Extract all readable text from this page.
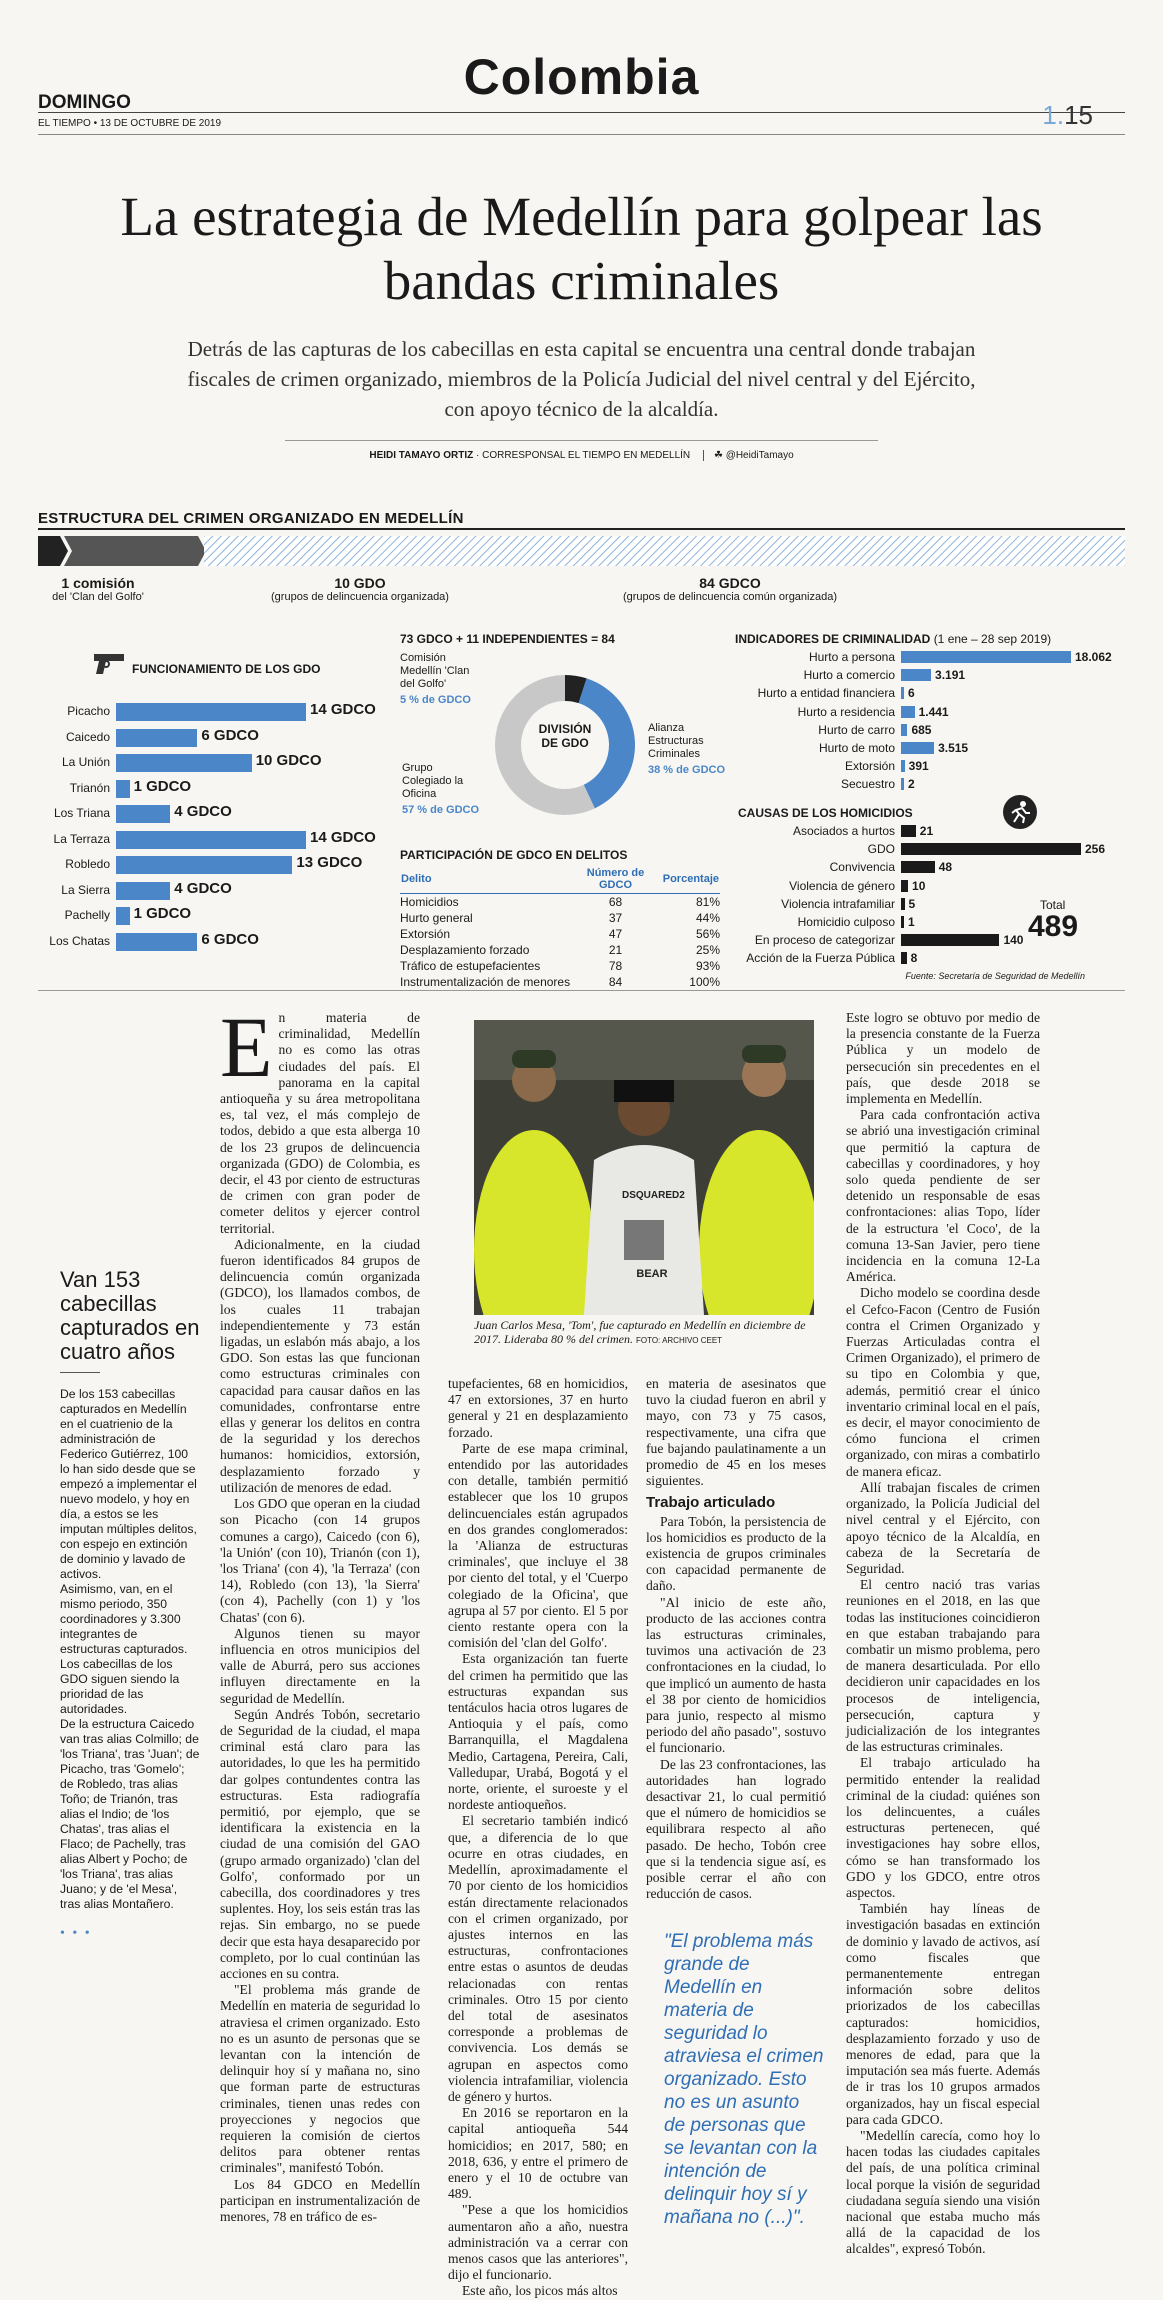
Colombia
DOMINGO
EL TIEMPO • 13 DE OCTUBRE DE 2019	1.15
La estrategia de Medellín para golpear las bandas criminales
Detrás de las capturas de los cabecillas en esta capital se encuentra una central donde trabajan fiscales de crimen organizado, miembros de la Policía Judicial del nivel central y del Ejército, con apoyo técnico de la alcaldía.
HEIDI TAMAYO ORTIZ · CORRESPONSAL EL TIEMPO EN MEDELLÍN ☘ @HeidiTamayo
ESTRUCTURA DEL CRIMEN ORGANIZADO EN MEDELLÍN
1 comisión
del 'Clan del Golfo'
10 GDO
(grupos de delincuencia organizada)
84 GDCO
(grupos de delincuencia común organizada)
FUNCIONAMIENTO DE LOS GDO
Picacho	14 GDCO
Caicedo	6 GDCO
La Unión	10 GDCO
Trianón 1 GDCO
Los Triana	4 GDCO
La Terraza	14 GDCO
Robledo	13 GDCO
La Sierra	4 GDCO
Pachelly 1 GDCO
Los Chatas	6 GDCO
73 GDCO + 11 INDEPENDIENTES = 84
DIVISIÓN DE GDO
Comisión Medellín 'Clan del Golfo'
5 % de GDCO
Alianza Estructuras Criminales
38 % de GDCO
Grupo Colegiado la Oficina
57 % de GDCO
PARTICIPACIÓN DE GDCO EN DELITOS
Delito	Número de GDCO	Porcentaje
Homicidios	68	81%
Hurto general	37	44%
Extorsión	47	56%
Desplazamiento forzado	21	25%
Tráfico de estupefacientes	78	93%
Instrumentalización de menores	84	100%
INDICADORES DE CRIMINALIDAD (1 ene – 28 sep 2019)
Hurto a persona	18.062
Hurto a comercio	3.191
Hurto a entidad financiera 6
Hurto a residencia 1.441
Hurto de carro 685
Hurto de moto	3.515
Extorsión 391
Secuestro 2
CAUSAS DE LOS HOMICIDIOS
Asociados a hurtos 21
GDO	256
Convivencia	48
Violencia de género 10
Violencia intrafamiliar 5
Homicidio culposo 1
En proceso de categorizar	140
Acción de la Fuerza Pública 8
Total
489
Fuente: Secretaría de Seguridad de Medellín
Van 153 cabecillas capturados en cuatro años

De los 153 cabecillas capturados en Medellín en el cuatrienio de la administración de Federico Gutiérrez, 100 lo han sido desde que se empezó a implementar el nuevo modelo, y hoy en día, a estos se les imputan múltiples delitos, con espejo en extinción de dominio y lavado de activos.

Asimismo, van, en el mismo periodo, 350 coordinadores y 3.300 integrantes de estructuras capturados.

Los cabecillas de los GDO siguen siendo la prioridad de las autoridades.

De la estructura Caicedo van tras alias Colmillo; de 'los Triana', tras 'Juan'; de Picacho, tras 'Gomelo'; de Robledo, tras alias Toño; de Trianón, tras alias el Indio; de 'los Chatas', tras alias el Flaco; de Pachelly, tras alias Albert y Pocho; de 'los Triana', tras alias Juano; y de 'el Mesa', tras alias Montañero.

• • •
E n materia de criminalidad, Medellín no es como las otras ciudades del país. El panorama en la capital antioqueña y su área metropolitana es, tal vez, el más complejo de todos, debido a que esta alberga 10 de los 23 grupos de delincuencia organizada (GDO) de Colombia, es decir, el 43 por ciento de estructuras de crimen con gran poder de cometer delitos y ejercer control territorial.

Adicionalmente, en la ciudad fueron identificados 84 grupos de delincuencia común organizada (GDCO), los llamados combos, de los cuales 11 trabajan independientemente y 73 están ligadas, un eslabón más abajo, a los GDO. Son estas las que funcionan como estructuras criminales con capacidad para causar daños en las comunidades, confrontarse entre ellas y generar los delitos en contra de la seguridad y los derechos humanos: homicidios, extorsión, desplazamiento forzado y utilización de menores de edad.

Los GDO que operan en la ciudad son Picacho (con 14 grupos comunes a cargo), Caicedo (con 6), 'la Unión' (con 10), Trianón (con 1), 'los Triana' (con 4), 'la Terraza' (con 14), Robledo (con 13), 'la Sierra' (con 4), Pachelly (con 1) y 'los Chatas' (con 6).

Algunos tienen su mayor influencia en otros municipios del valle de Aburrá, pero sus acciones influyen directamente en la seguridad de Medellín.

Según Andrés Tobón, secretario de Seguridad de la ciudad, el mapa criminal está claro para las autoridades, lo que les ha permitido dar golpes contundentes contra las estructuras. Esta radiografía permitió, por ejemplo, que se identificara la existencia en la ciudad de una comisión del GAO (grupo armado organizado) 'clan del Golfo', conformado por un cabecilla, dos coordinadores y tres suplentes. Hoy, los seis están tras las rejas. Sin embargo, no se puede decir que esta haya desaparecido por completo, por lo cual continúan las acciones en su contra.

"El problema más grande de Medellín en materia de seguridad lo atraviesa el crimen organizado. Esto no es un asunto de personas que se levantan con la intención de delinquir hoy sí y mañana no, sino que forman parte de estructuras criminales, tienen unas redes con proyecciones y negocios que requieren la comisión de ciertos delitos para obtener rentas criminales", manifestó Tobón.

Los 84 GDCO en Medellín participan en instrumentalización de menores, 78 en tráfico de es-

DSQUARED2
BEAR
Juan Carlos Mesa, 'Tom', fue capturado en Medellín en diciembre de 2017. Lideraba 80 % del crimen. FOTO: ARCHIVO CEET

tupefacientes, 68 en homicidios, 47 en extorsiones, 37 en hurto general y 21 en desplazamiento forzado.

Parte de ese mapa criminal, entendido por las autoridades con detalle, también permitió establecer que los 10 grupos delincuenciales están agrupados en dos grandes conglomerados: la 'Alianza de estructuras criminales', que incluye el 38 por ciento del total, y el 'Cuerpo colegiado de la Oficina', que agrupa al 57 por ciento. El 5 por ciento restante opera con la comisión del 'clan del Golfo'.

Esta organización tan fuerte del crimen ha permitido que las estructuras expandan sus tentáculos hacia otros lugares de Antioquia y el país, como Barranquilla, el Magdalena Medio, Cartagena, Pereira, Cali, Valledupar, Urabá, Bogotá y el norte, oriente, el suroeste y el nordeste antioqueños.

El secretario también indicó que, a diferencia de lo que ocurre en otras ciudades, en Medellín, aproximadamente el 70 por ciento de los homicidios están directamente relacionados con el crimen organizado, por ajustes internos en las estructuras, confrontaciones entre estas o asuntos de deudas relacionadas con rentas criminales. Otro 15 por ciento del total de asesinatos corresponde a problemas de convivencia. Los demás se agrupan en aspectos como violencia intrafamiliar, violencia de género y hurtos.

En 2016 se reportaron en la capital antioqueña 544 homicidios; en 2017, 580; en 2018, 636, y entre el primero de enero y el 10 de octubre van 489.

"Pese a que los homicidios aumentaron año a año, nuestra administración va a cerrar con menos casos que las anteriores", dijo el funcionario.

Este año, los picos más altos

en materia de asesinatos que tuvo la ciudad fueron en abril y mayo, con 73 y 75 casos, respectivamente, una cifra que fue bajando paulatinamente a un promedio de 45 en los meses siguientes.

Trabajo articulado

Para Tobón, la persistencia de los homicidios es producto de la existencia de grupos criminales con capacidad permanente de daño.

"Al inicio de este año, producto de las acciones contra las estructuras criminales, tuvimos una activación de 23 confrontaciones en la ciudad, lo que implicó un aumento de hasta el 38 por ciento de homicidios para junio, respecto al mismo periodo del año pasado", sostuvo el funcionario.

De las 23 confrontaciones, las autoridades han logrado desactivar 21, lo cual permitió que el número de homicidios se equilibrara respecto al año pasado. De hecho, Tobón cree que si la tendencia sigue así, es posible cerrar el año con reducción de casos.

"El problema más grande de Medellín en materia de seguridad lo atraviesa el crimen organizado. Esto no es un asunto de personas que se levantan con la intención de delinquir hoy sí y mañana no (...)".

Este logro se obtuvo por medio de la presencia constante de la Fuerza Pública y un modelo de persecución sin precedentes en el país, que desde 2018 se implementa en Medellín.

Para cada confrontación activa se abrió una investigación criminal que permitió la captura de cabecillas y coordinadores, y hoy solo queda pendiente de ser detenido un responsable de esas confrontaciones: alias Topo, líder de la estructura 'el Coco', de la comuna 13-San Javier, pero tiene incidencia en la comuna 12-La América.

Dicho modelo se coordina desde el Cefco-Facon (Centro de Fusión contra el Crimen Organizado y Fuerzas Articuladas contra el Crimen Organizado), el primero de su tipo en Colombia y que, además, permitió crear el único inventario criminal local en el país, es decir, el mayor conocimiento de cómo funciona el crimen organizado, con miras a combatirlo de manera eficaz.

Allí trabajan fiscales de crimen organizado, la Policía Judicial del nivel central y el Ejército, con apoyo técnico de la Alcaldía, en cabeza de la Secretaría de Seguridad.

El centro nació tras varias reuniones en el 2018, en las que todas las instituciones coincidieron en que estaban trabajando para combatir un mismo problema, pero de manera desarticulada. Por ello decidieron unir capacidades en los procesos de inteligencia, persecución, captura y judicialización de los integrantes de las estructuras criminales.

El trabajo articulado ha permitido entender la realidad criminal de la ciudad: quiénes son los delincuentes, a cuáles estructuras pertenecen, qué investigaciones hay sobre ellos, cómo se han transformado los GDO y los GDCO, entre otros aspectos.

También hay líneas de investigación basadas en extinción de dominio y lavado de activos, así como fiscales que permanentemente entregan información sobre delitos priorizados de los cabecillas capturados: homicidios, desplazamiento forzado y uso de menores de edad, para que la imputación sea más fuerte. Además de ir tras los 10 grupos armados organizados, hay un fiscal especial para cada GDCO.

"Medellín carecía, como hoy lo hacen todas las ciudades capitales del país, de una política criminal local porque la visión de seguridad ciudadana seguía siendo una visión nacional que estaba mucho más allá de la capacidad de los alcaldes", expresó Tobón.
